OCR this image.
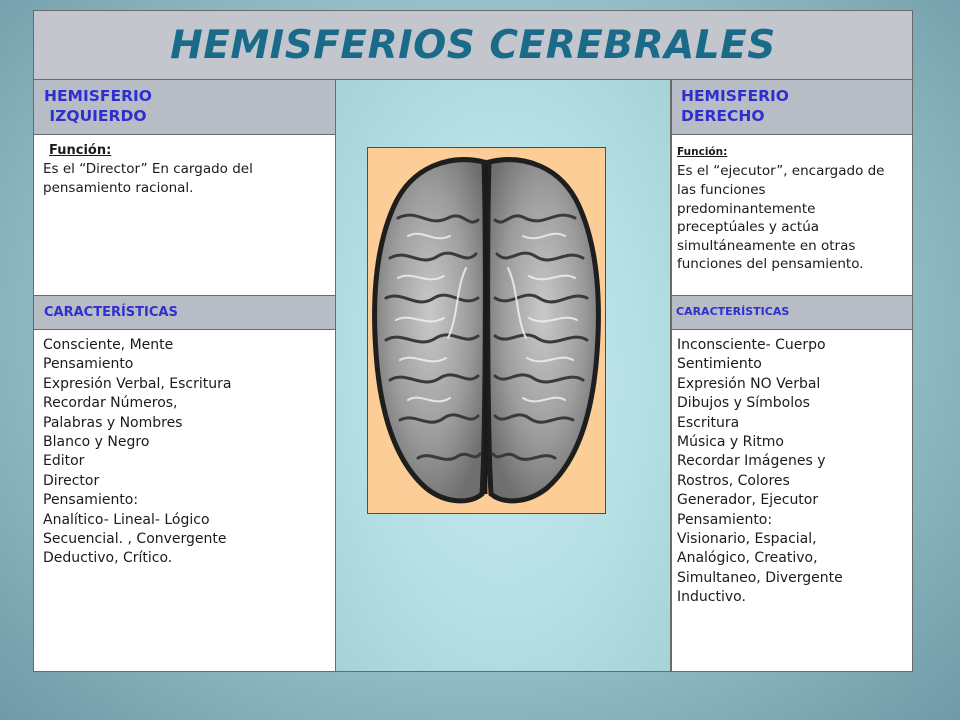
HEMISFERIOS CEREBRALES
HEMISFERIO
IZQUIERDO
Función:
Es el “Director” En cargado del pensamiento racional.
CARACTERÍSTICAS
Consciente, Mente
Pensamiento
Expresión Verbal, Escritura
Recordar Números,
Palabras y Nombres
Blanco y Negro
Editor
Director
Pensamiento:
Analítico- Lineal- Lógico
Secuencial. , Convergente
Deductivo, Crítico.
HEMISFERIO
DERECHO
Función:
Es el “ejecutor”, encargado de las funciones predominantemente preceptúales y actúa simultáneamente en otras funciones del pensamiento.
CARACTERÍSTICAS
Inconsciente- Cuerpo
Sentimiento
Expresión NO Verbal
Dibujos y Símbolos
Escritura
Música y Ritmo
Recordar Imágenes y
Rostros, Colores
Generador, Ejecutor
Pensamiento:
Visionario, Espacial,
Analógico, Creativo,
Simultaneo, Divergente
Inductivo.
